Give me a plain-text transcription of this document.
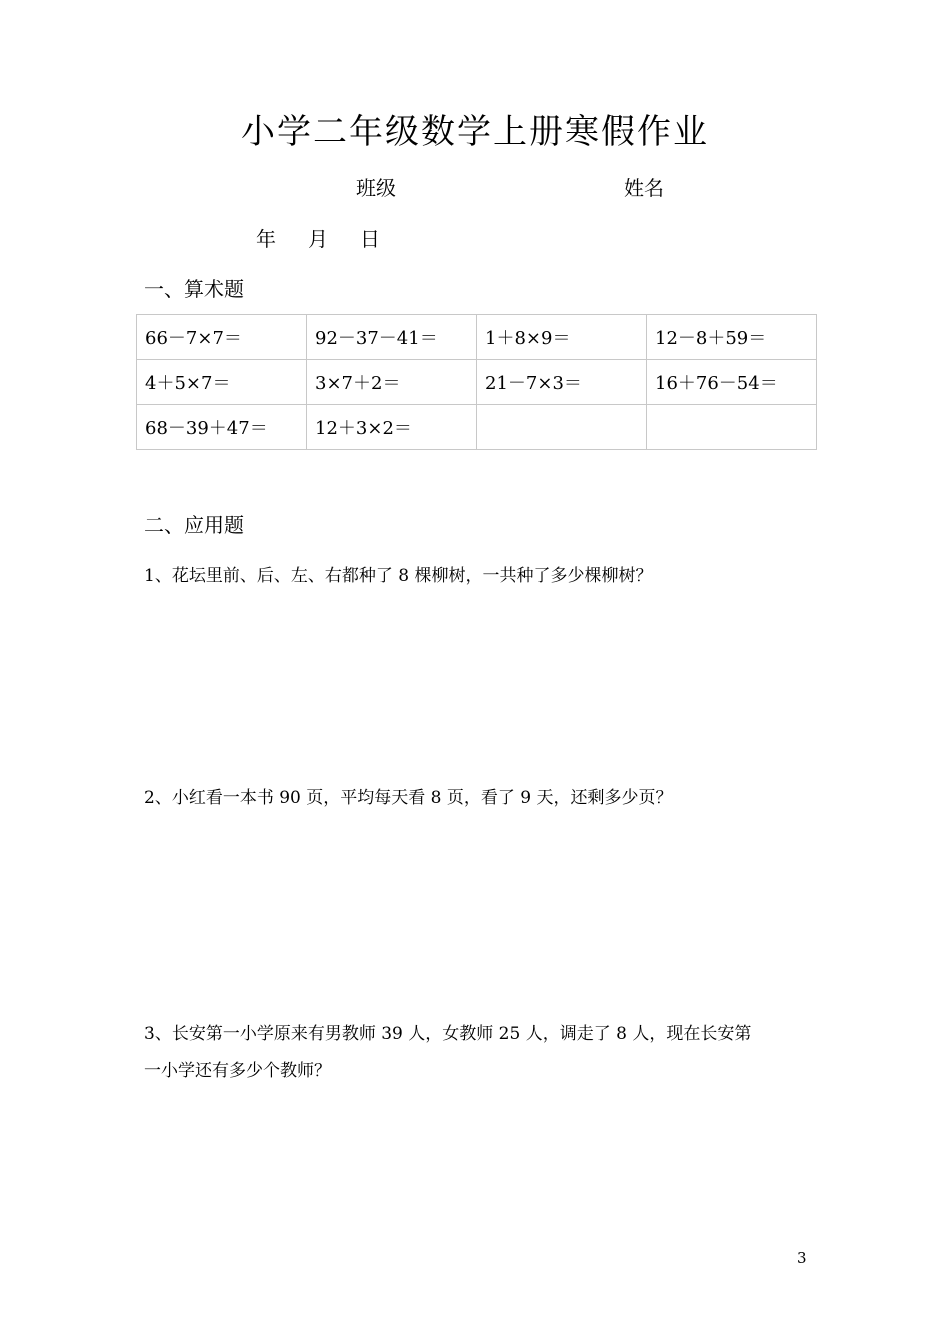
小学二年级数学上册寒假作业
班级	姓名
年 月 日
一、算术题
66－7×7＝	92－37－41＝	1＋8×9＝	12－8＋59＝
4＋5×7＝	3×7＋2＝	21－7×3＝	16＋76－54＝
68－39＋47＝	12＋3×2＝		
二、应用题
1、花坛里前、后、左、右都种了 8 棵柳树，一共种了多少棵柳树？
2、小红看一本书 90 页，平均每天看 8 页，看了 9 天，还剩多少页？
3、长安第一小学原来有男教师 39 人，女教师 25 人，调走了 8 人，现在长安第
一小学还有多少个教师？
3
